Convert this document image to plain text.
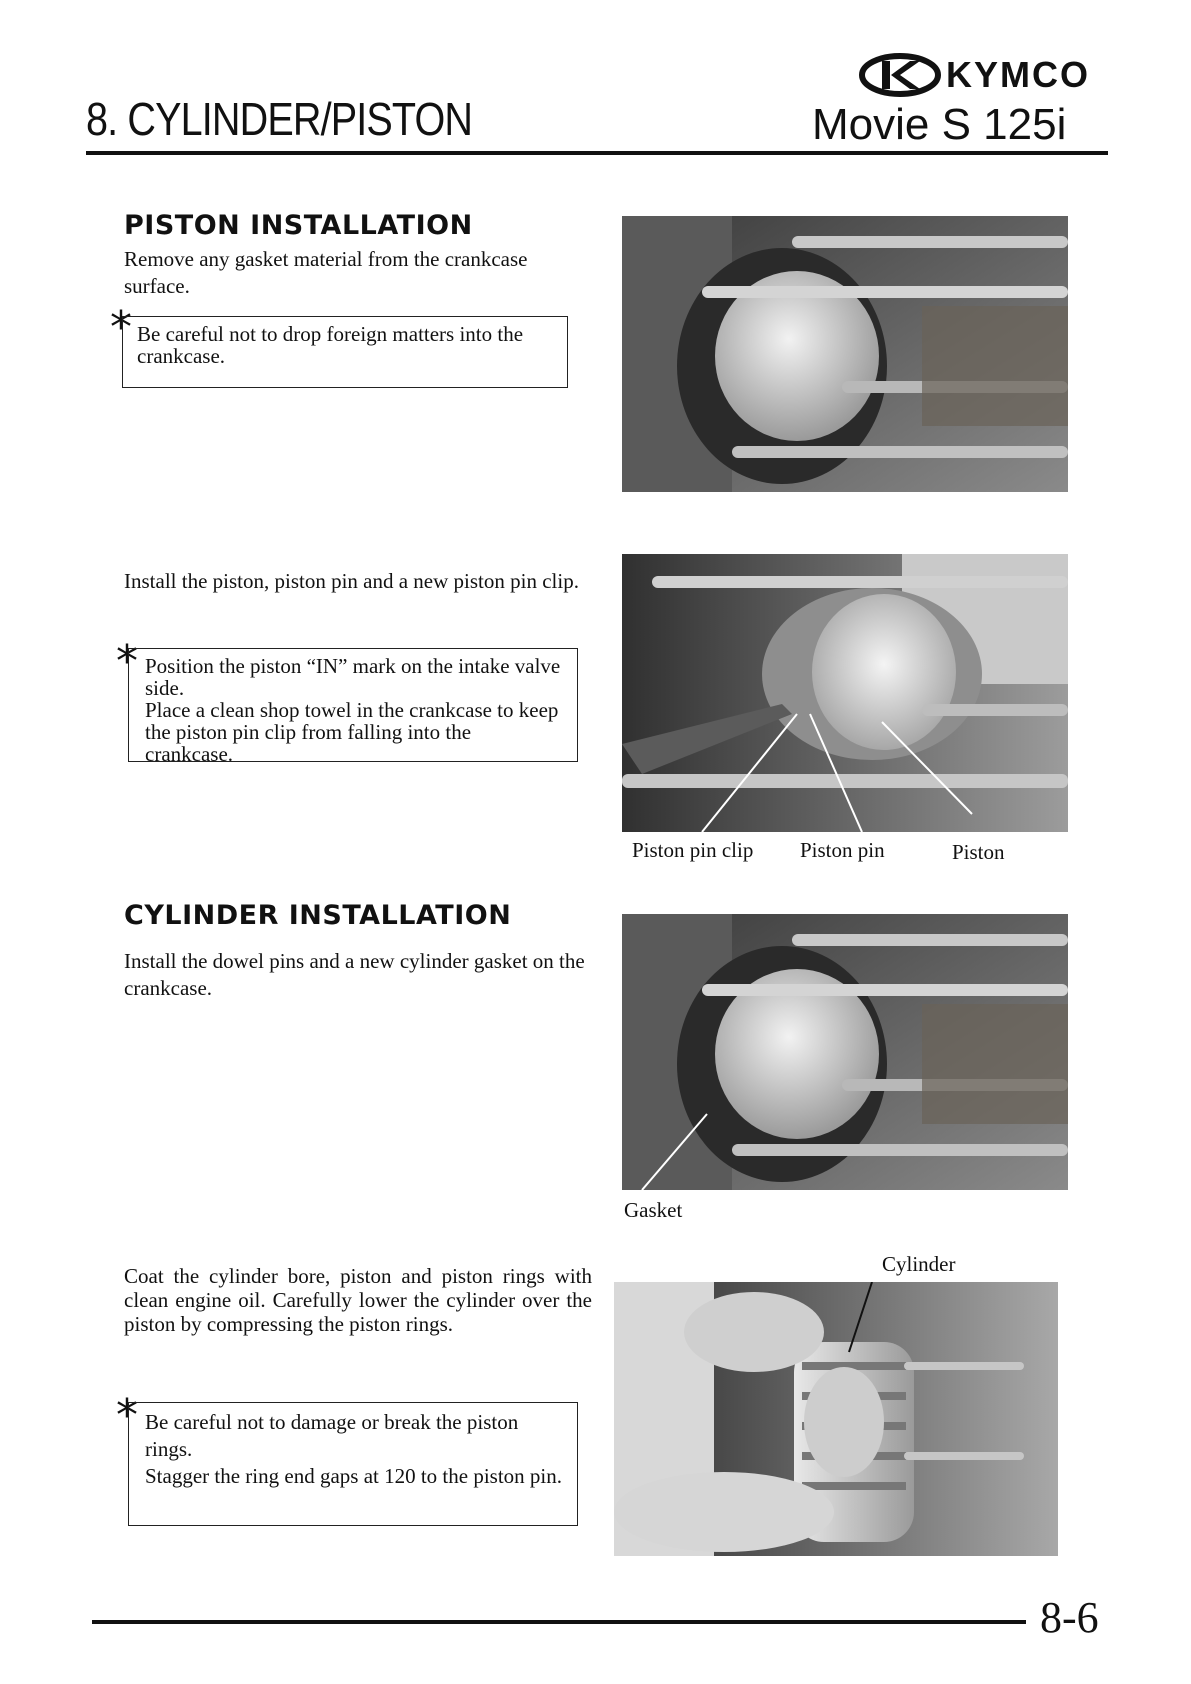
8. CYLINDER/PISTON
KYMCO
Movie S 125i
PISTON INSTALLATION
Remove any gasket material from the crankcase surface.
* Be careful not to drop foreign matters into the crankcase.

Install the piston, piston pin and a new piston pin clip.
* Position the piston “IN” mark on the intake valve side.

Place a clean shop towel in the crankcase to keep the piston pin clip from falling into the crankcase.

Piston pin clip Piston pin	Piston
CYLINDER INSTALLATION
Install the dowel pins and a new cylinder gasket on the crankcase.
Gasket
Coat the cylinder bore, piston and piston rings with clean engine oil. Carefully lower the cylinder over the piston by compressing the piston rings.
Cylinder
* Be careful not to damage or break the piston rings.

Stagger the ring end gaps at 120 to the piston pin.

8-6
